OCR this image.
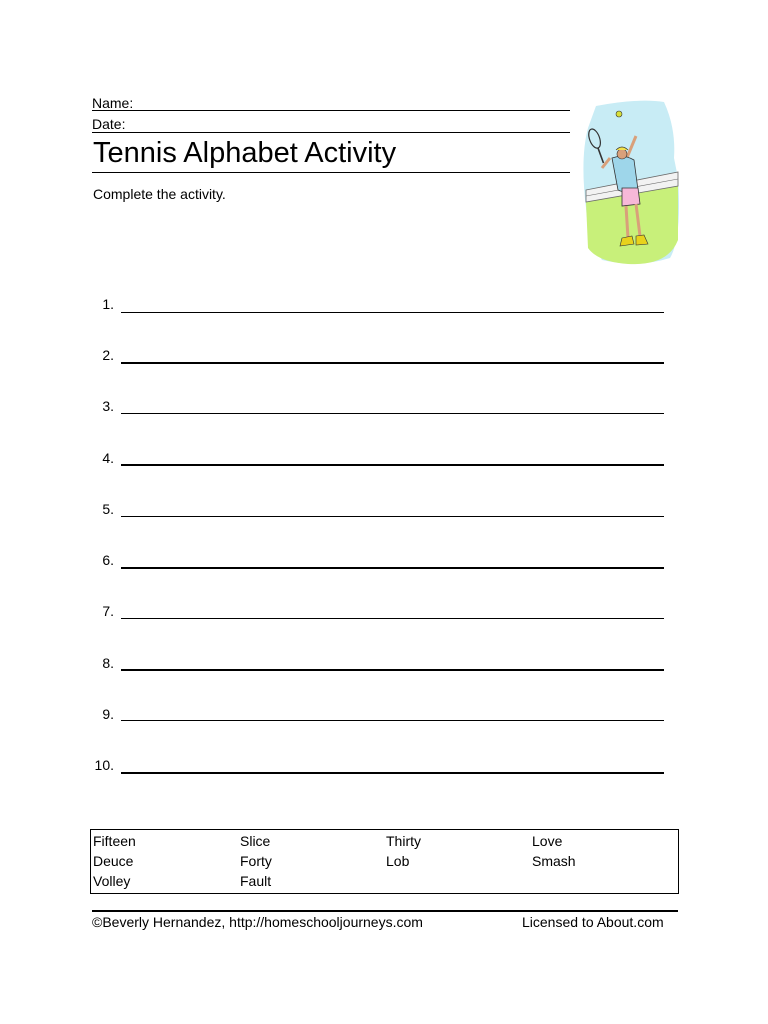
Name:
Date:
Tennis Alphabet Activity
Complete the activity.
1.
2.
3.
4.
5.
6.
7.
8.
9.
10.
Fifteen	Slice	Thirty	Love
Deuce	Forty	Lob	Smash
Volley	Fault
©Beverly Hernandez, http://homeschooljourneys.com	Licensed to About.com
